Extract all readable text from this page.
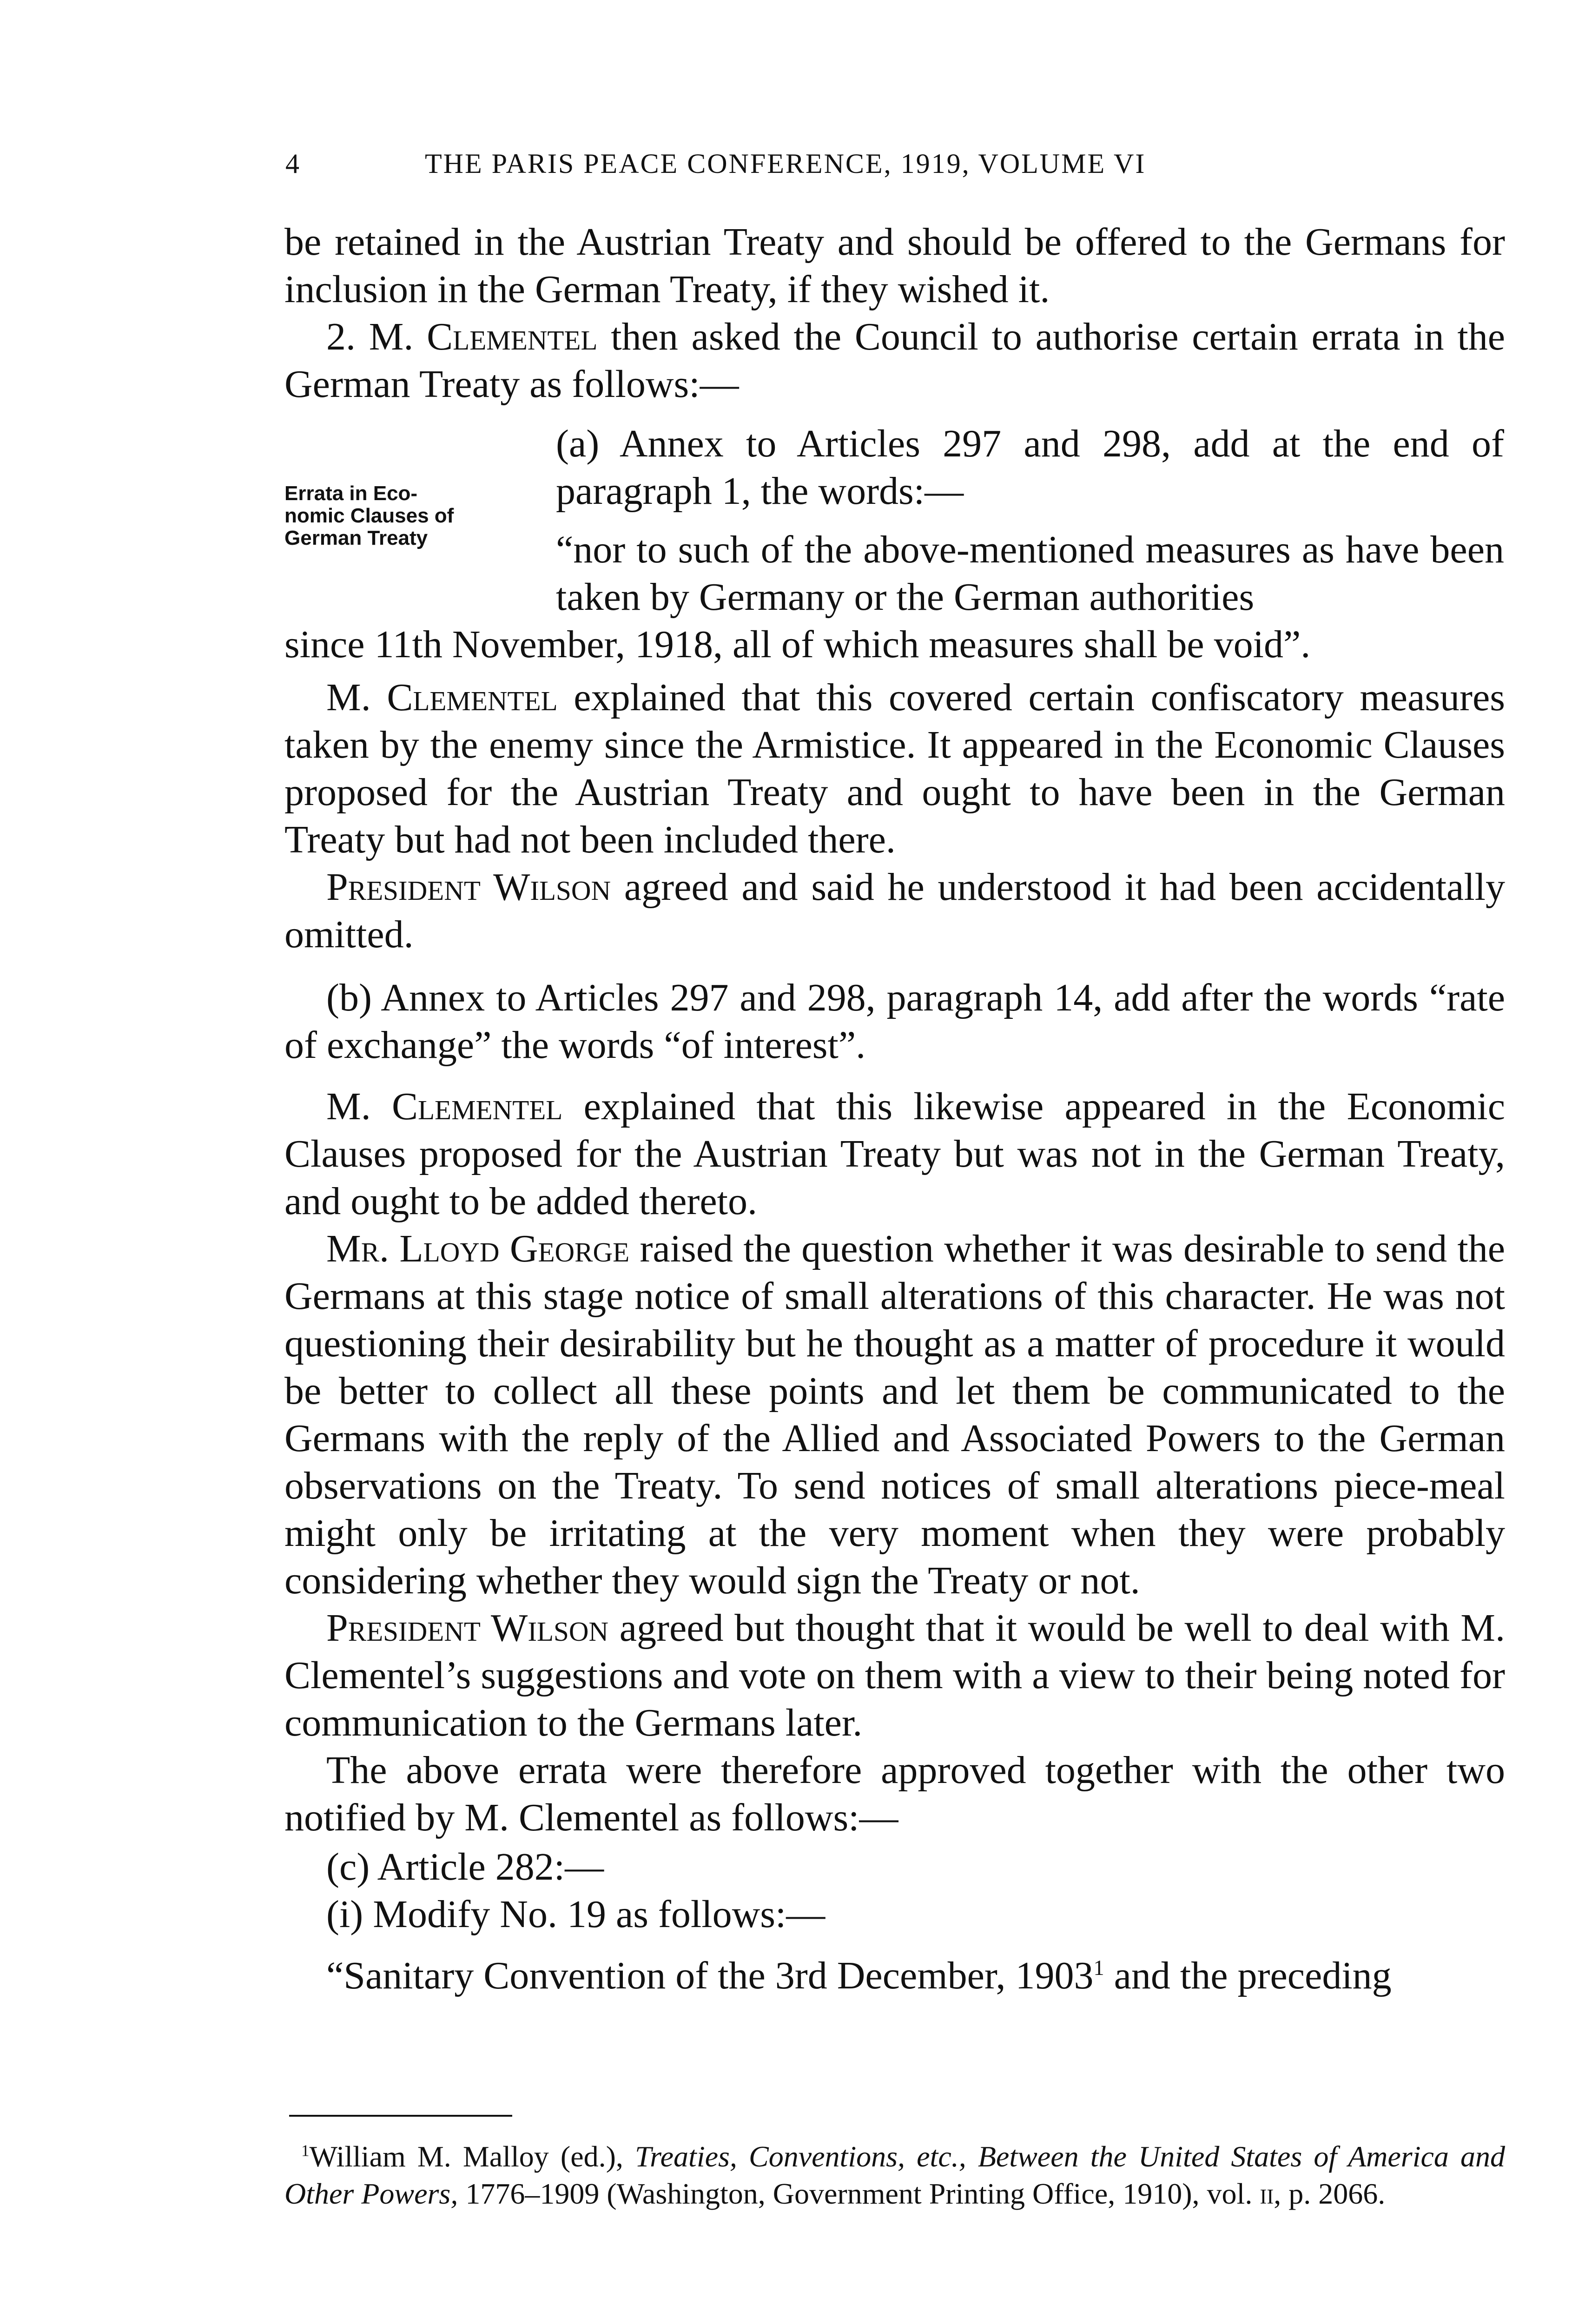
4	THE PARIS PEACE CONFERENCE, 1919, VOLUME VI
be retained in the Austrian Treaty and should be offered to the Germans for inclusion in the German Treaty, if they wished it.
2. M. Clementel then asked the Council to authorise certain errata in the German Treaty as follows:—
Errata in Eco-
nomic Clauses of
German Treaty
(a) Annex to Articles 297 and 298, add at the end of paragraph 1, the words:—
“nor to such of the above-mentioned measures as have been taken by Germany or the German authorities
since 11th November, 1918, all of which measures shall be void”.
M. Clementel explained that this covered certain confiscatory measures taken by the enemy since the Armistice. It appeared in the Economic Clauses proposed for the Austrian Treaty and ought to have been in the German Treaty but had not been included there.
President Wilson agreed and said he understood it had been accidentally omitted.
(b) Annex to Articles 297 and 298, paragraph 14, add after the words “rate of exchange” the words “of interest”.
M. Clementel explained that this likewise appeared in the Economic Clauses proposed for the Austrian Treaty but was not in the German Treaty, and ought to be added thereto.
Mr. Lloyd George raised the question whether it was desirable to send the Germans at this stage notice of small alterations of this character. He was not questioning their desirability but he thought as a matter of procedure it would be better to collect all these points and let them be communicated to the Germans with the reply of the Allied and Associated Powers to the German observations on the Treaty. To send notices of small alterations piece-meal might only be irritating at the very moment when they were probably considering whether they would sign the Treaty or not.
President Wilson agreed but thought that it would be well to deal with M. Clementel’s suggestions and vote on them with a view to their being noted for communication to the Germans later.
The above errata were therefore approved together with the other two notified by M. Clementel as follows:—
(c) Article 282:—
(i) Modify No. 19 as follows:—
“Sanitary Convention of the 3rd December, 1903$^1$ and the preceding
$^1$William M. Malloy (ed.), Treaties, Conventions, etc., Between the United States of America and Other Powers, 1776–1909 (Washington, Government Printing Office, 1910), vol. ii, p. 2066.
